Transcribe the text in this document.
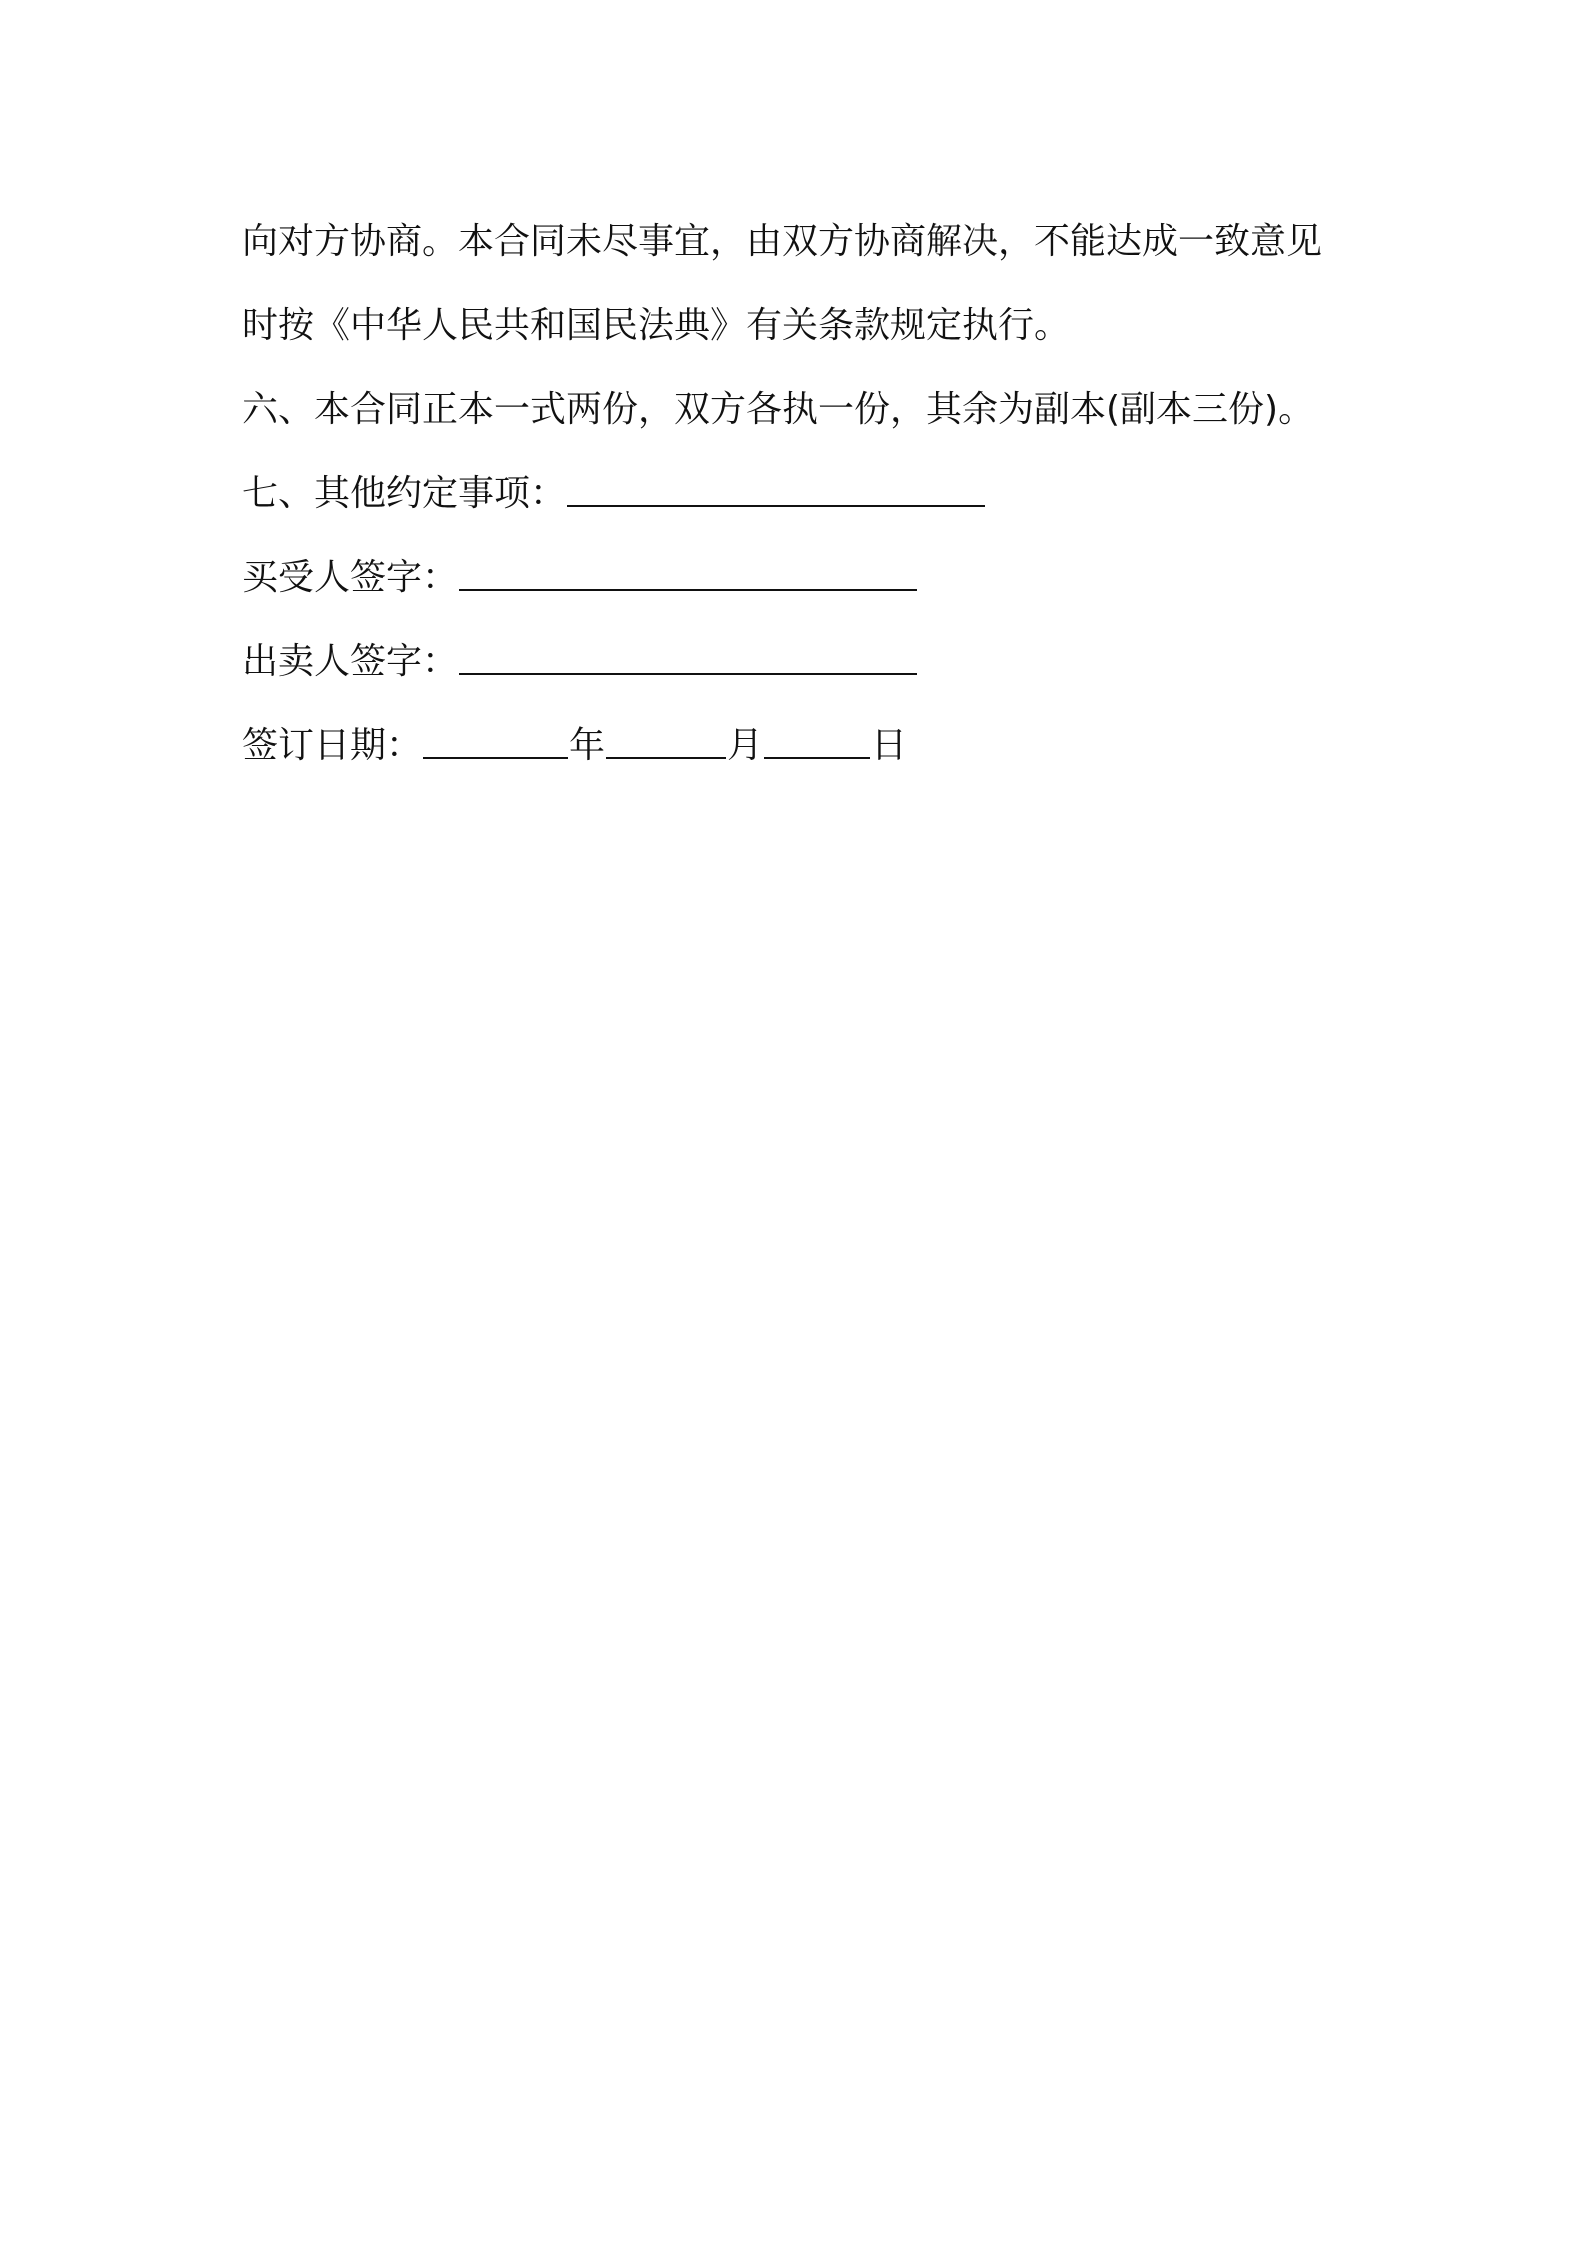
向对方协商。本合同未尽事宜，由双方协商解决，不能达成一致意见
时按《中华人民共和国民法典》有关条款规定执行。
六、本合同正本一式两份，双方各执一份，其余为副本(副本三份)。
七、其他约定事项：
买受人签字：
出卖人签字：
签订日期：	年	月	日
